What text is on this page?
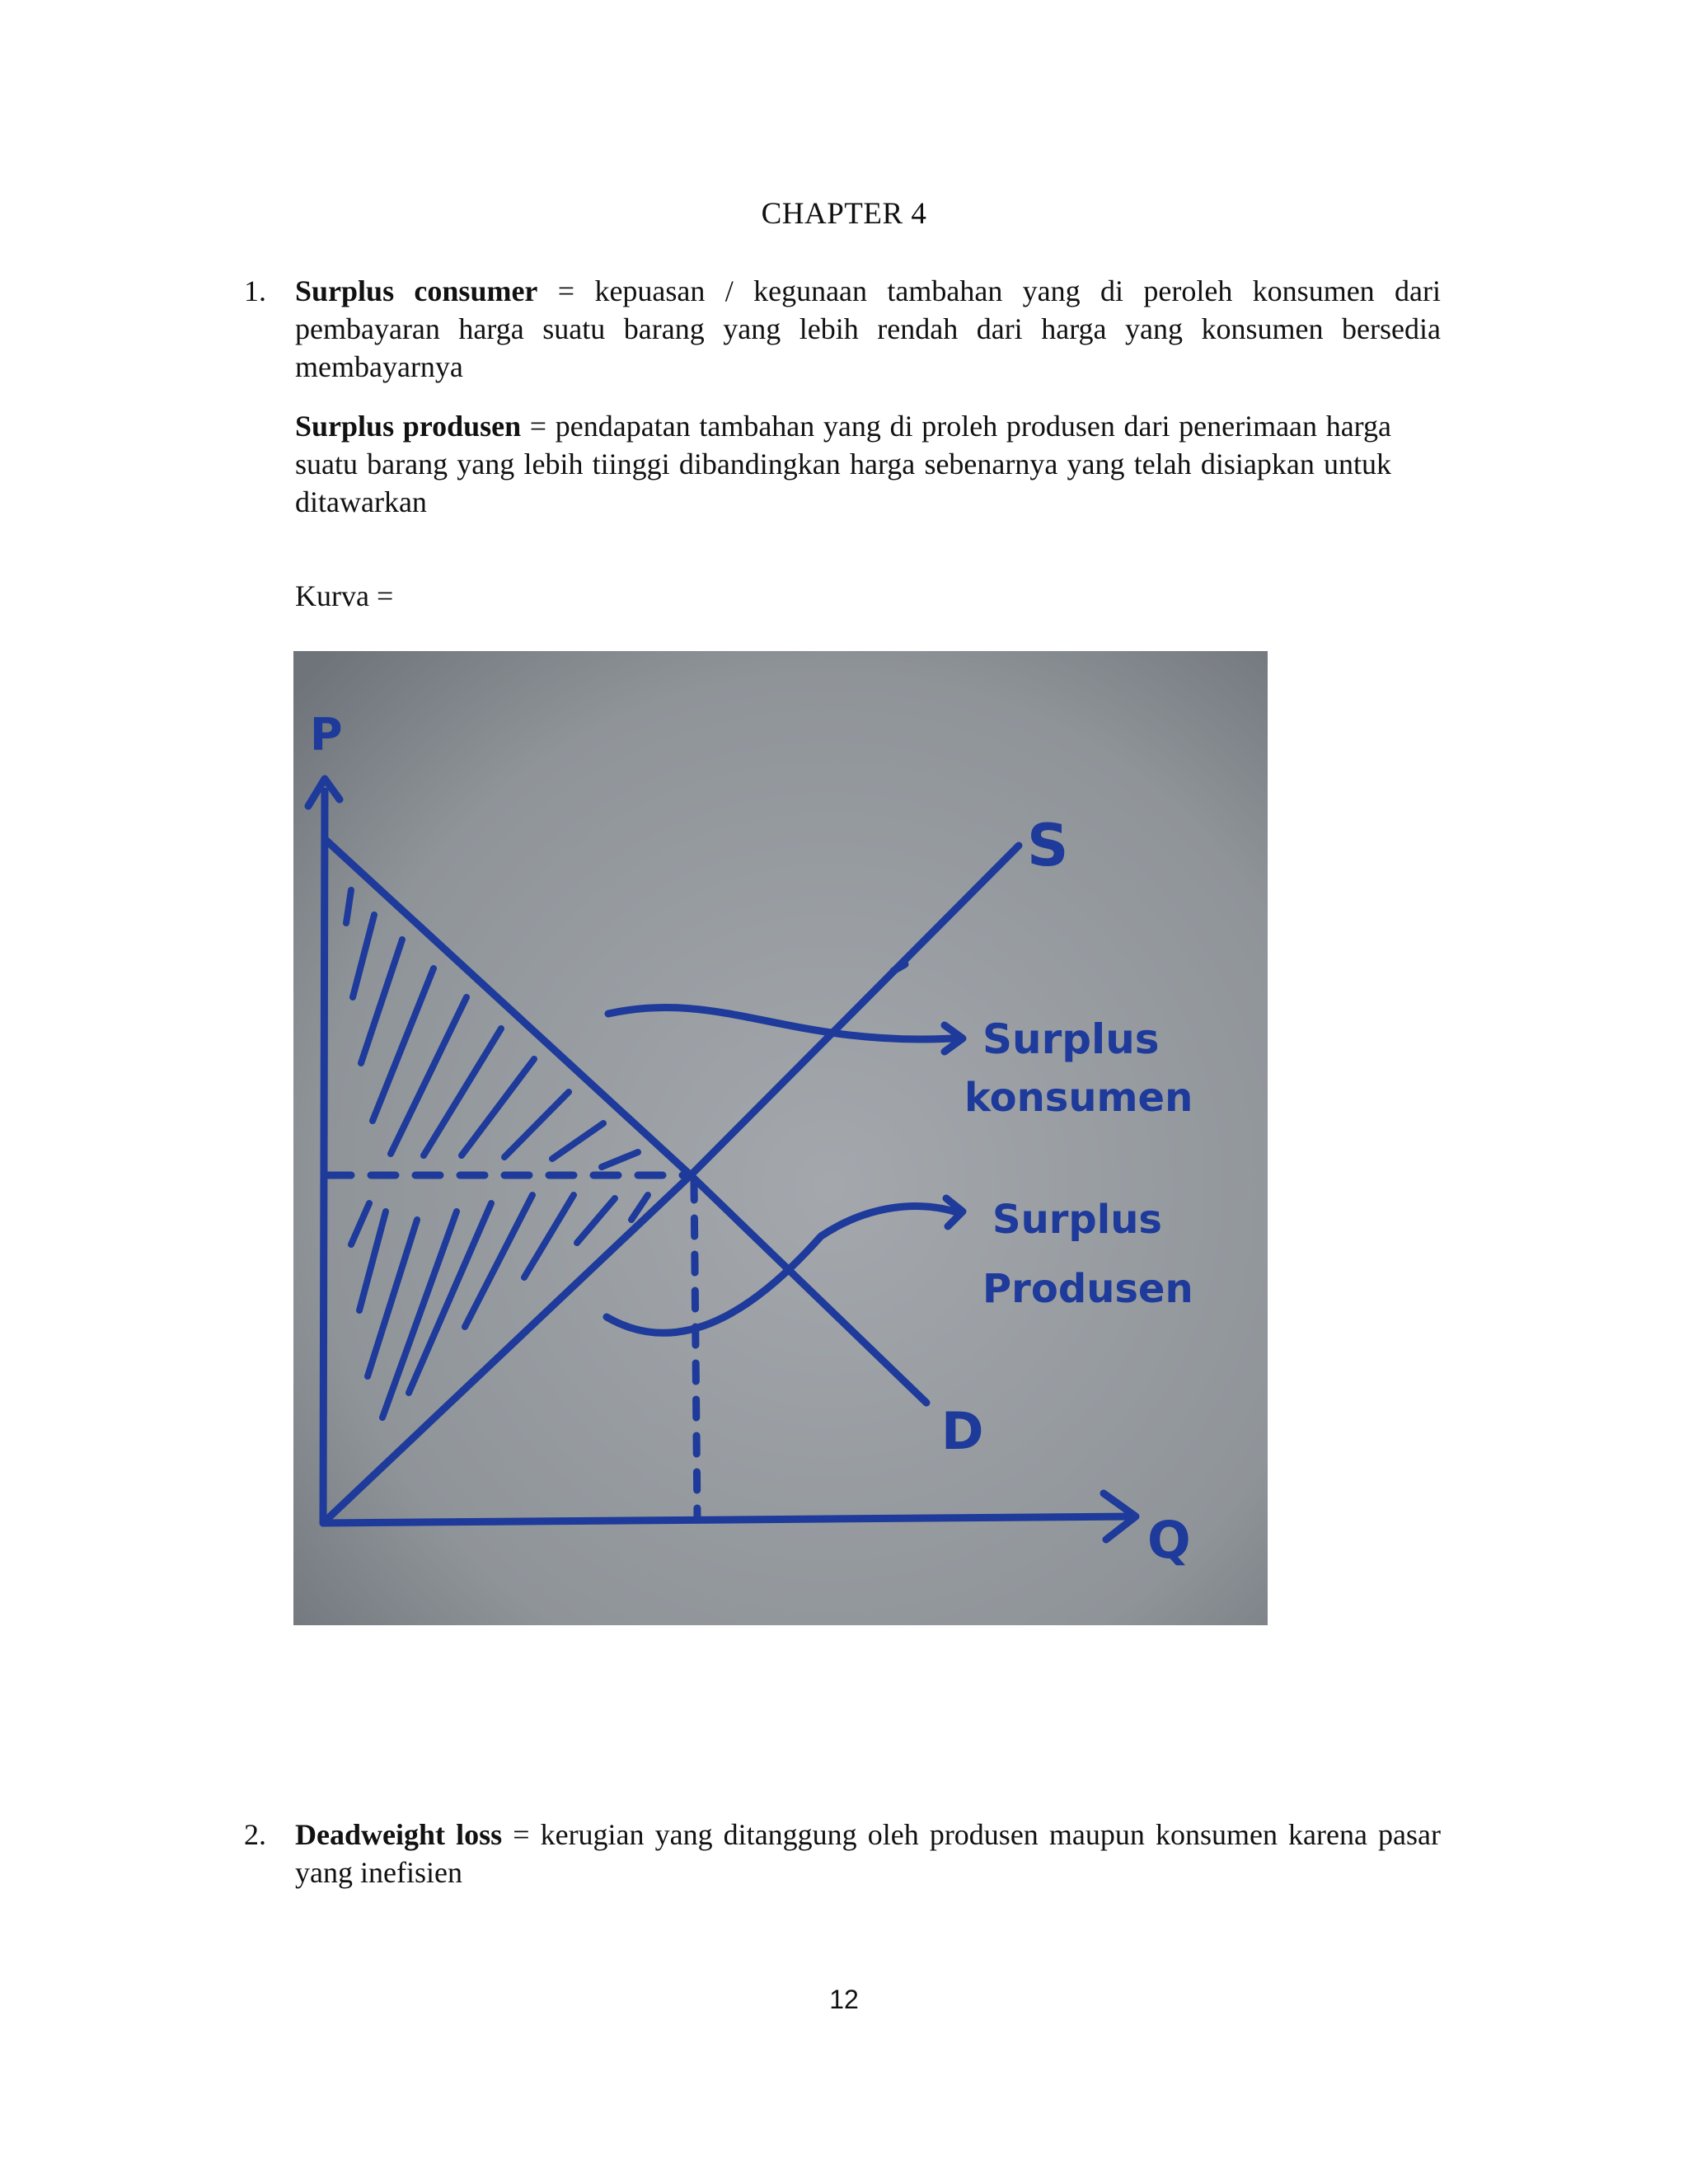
CHAPTER 4
1. Surplus consumer = kepuasan / kegunaan tambahan yang di peroleh konsumen dari pembayaran harga suatu barang yang lebih rendah dari harga yang konsumen bersedia membayarnya
Surplus produsen = pendapatan tambahan yang di proleh produsen dari penerimaan harga suatu barang yang lebih tiinggi dibandingkan harga sebenarnya yang telah disiapkan untuk ditawarkan
Kurva =
P
Q
S
D
Surplus
konsumen
Surplus
Produsen
2. Deadweight loss = kerugian yang ditanggung oleh produsen maupun konsumen karena pasar yang inefisien
12
